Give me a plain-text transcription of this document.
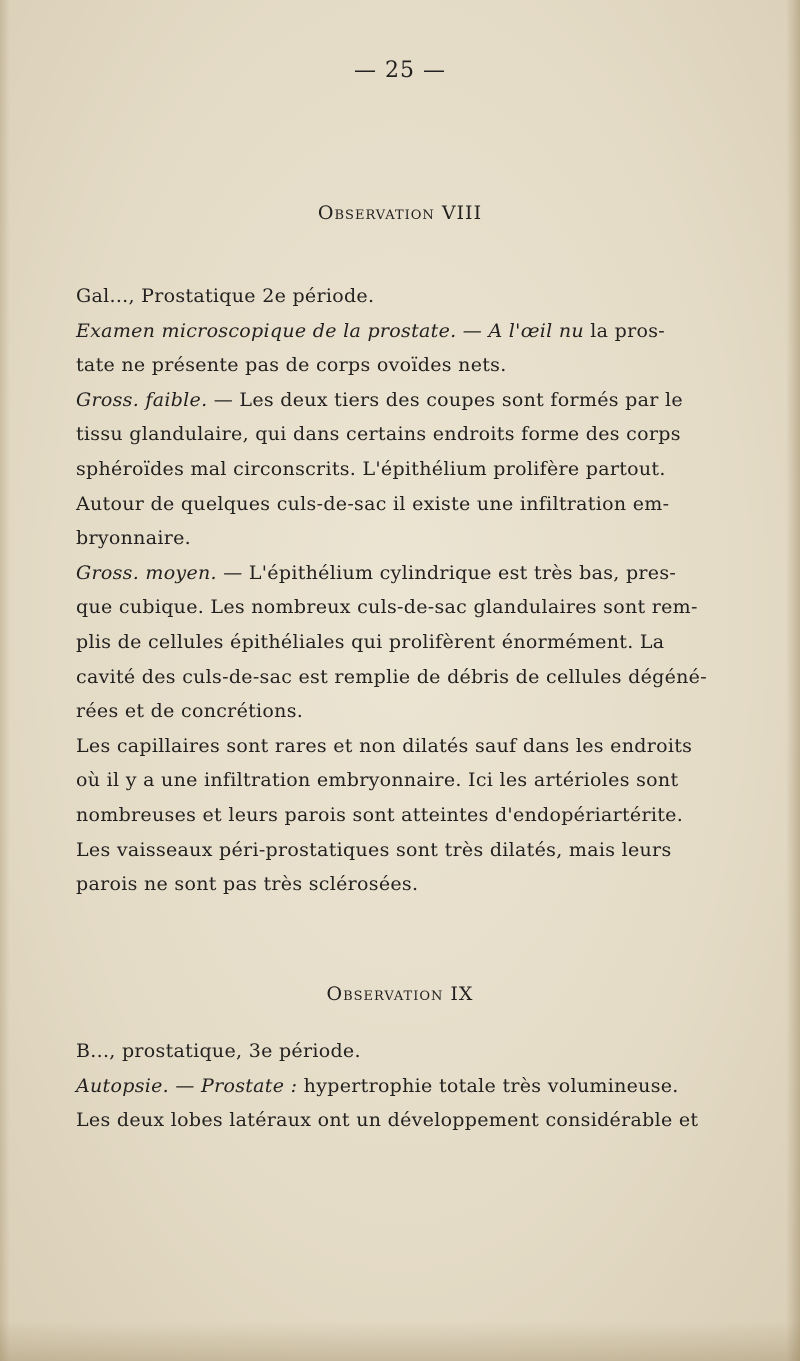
— 25 —
Observation VIII
Gal..., Prostatique 2e période.
Examen microscopique de la prostate. — A l'œil nu la pros-
tate ne présente pas de corps ovoïdes nets.
Gross. faible. — Les deux tiers des coupes sont formés par le
tissu glandulaire, qui dans certains endroits forme des corps
sphéroïdes mal circonscrits. L'épithélium prolifère partout.
Autour de quelques culs-de-sac il existe une infiltration em-
bryonnaire.
Gross. moyen. — L'épithélium cylindrique est très bas, pres-
que cubique. Les nombreux culs-de-sac glandulaires sont rem-
plis de cellules épithéliales qui prolifèrent énormément. La
cavité des culs-de-sac est remplie de débris de cellules dégéné-
rées et de concrétions.
Les capillaires sont rares et non dilatés sauf dans les endroits
où il y a une infiltration embryonnaire. Ici les artérioles sont
nombreuses et leurs parois sont atteintes d'endopériartérite.
Les vaisseaux péri-prostatiques sont très dilatés, mais leurs
parois ne sont pas très sclérosées.
Observation IX
B..., prostatique, 3e période.
Autopsie. — Prostate : hypertrophie totale très volumineuse.
Les deux lobes latéraux ont un développement considérable et
